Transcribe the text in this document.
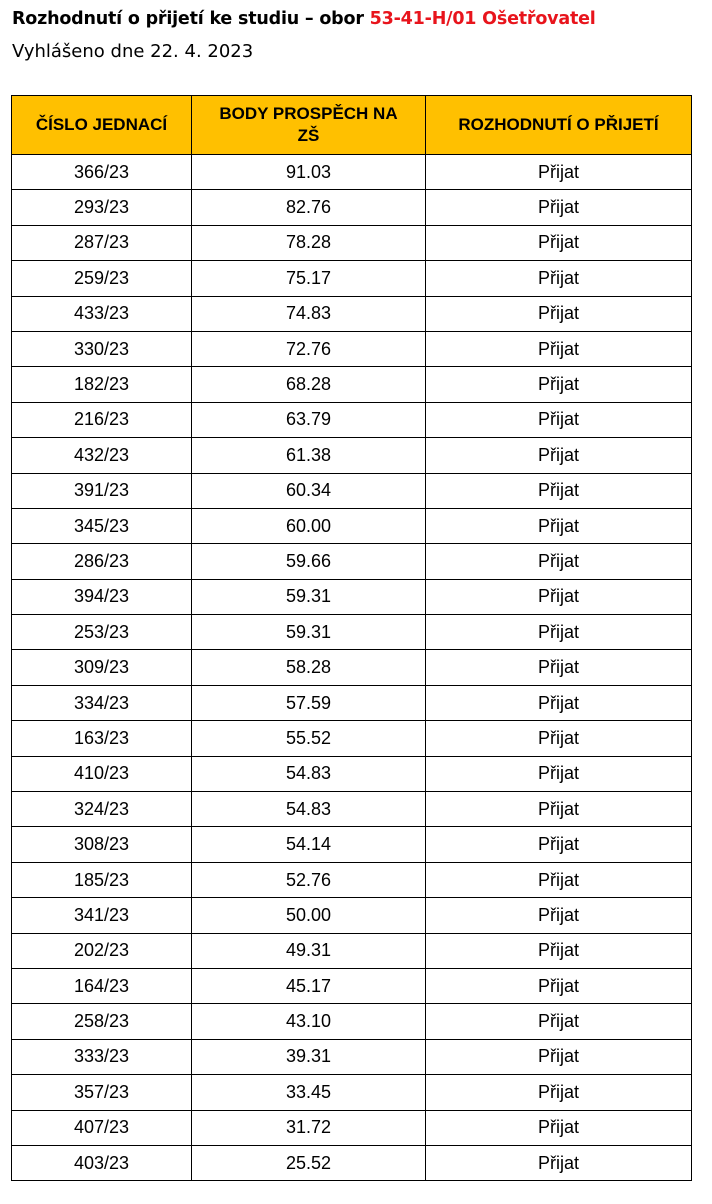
Rozhodnutí o přijetí ke studiu – obor 53-41-H/01 Ošetřovatel
Vyhlášeno dne 22. 4. 2023
ČÍSLO JEDNACÍ	BODY PROSPĚCH NA ZŠ	ROZHODNUTÍ O PŘIJETÍ
366/23	91.03	Přijat
293/23	82.76	Přijat
287/23	78.28	Přijat
259/23	75.17	Přijat
433/23	74.83	Přijat
330/23	72.76	Přijat
182/23	68.28	Přijat
216/23	63.79	Přijat
432/23	61.38	Přijat
391/23	60.34	Přijat
345/23	60.00	Přijat
286/23	59.66	Přijat
394/23	59.31	Přijat
253/23	59.31	Přijat
309/23	58.28	Přijat
334/23	57.59	Přijat
163/23	55.52	Přijat
410/23	54.83	Přijat
324/23	54.83	Přijat
308/23	54.14	Přijat
185/23	52.76	Přijat
341/23	50.00	Přijat
202/23	49.31	Přijat
164/23	45.17	Přijat
258/23	43.10	Přijat
333/23	39.31	Přijat
357/23	33.45	Přijat
407/23	31.72	Přijat
403/23	25.52	Přijat
